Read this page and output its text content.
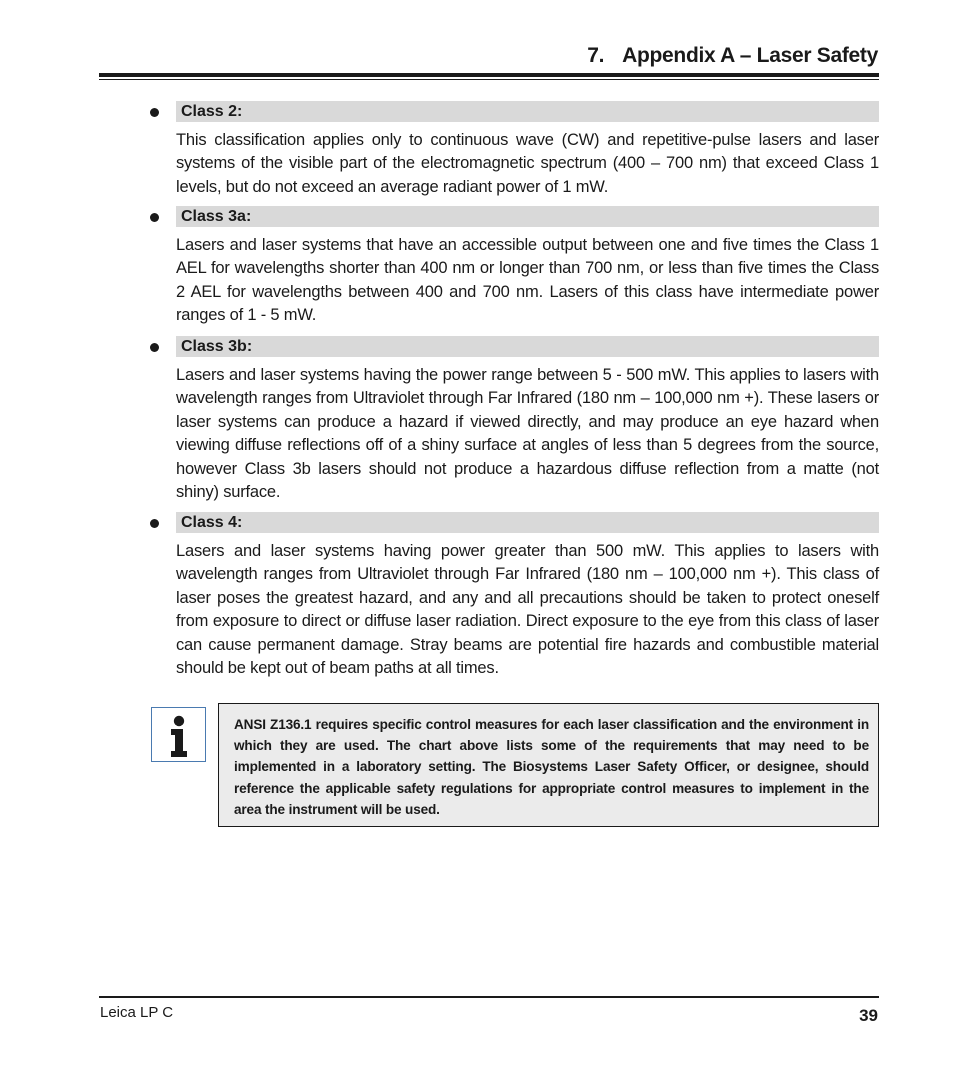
7. Appendix A – Laser Safety
Class 2:
This classification applies only to continuous wave (CW) and repetitive-pulse lasers and laser systems of the visible part of the electromagnetic spectrum (400 – 700 nm) that exceed Class 1 levels, but do not exceed an average radiant power of 1 mW.
Class 3a:
Lasers and laser systems that have an accessible output between one and five times the Class 1 AEL for wavelengths shorter than 400 nm or longer than 700 nm, or less than five times the Class 2 AEL for wavelengths between 400 and 700 nm. Lasers of this class have intermediate power ranges of 1 - 5 mW.
Class 3b:
Lasers and laser systems having the power range between 5 - 500 mW. This applies to lasers with wavelength ranges from Ultraviolet through Far Infrared (180 nm – 100,000 nm +). These lasers or laser systems can produce a hazard if viewed directly, and may produce an eye hazard when viewing diffuse reflections off of a shiny surface at angles of less than 5 degrees from the source, however Class 3b lasers should not produce a hazardous diffuse reflection from a matte (not shiny) surface.
Class 4:
Lasers and laser systems having power greater than 500 mW. This applies to lasers with wavelength ranges from Ultraviolet through Far Infrared (180 nm – 100,000 nm +). This class of laser poses the greatest hazard, and any and all precautions should be taken to protect oneself from exposure to direct or diffuse laser radiation. Direct exposure to the eye from this class of laser can cause permanent damage. Stray beams are potential fire hazards and combustible material should be kept out of beam paths at all times.
ANSI Z136.1 requires specific control measures for each laser classification and the environment in which they are used. The chart above lists some of the requirements that may need to be implemented in a laboratory setting. The Biosystems Laser Safety Officer, or designee, should reference the applicable safety regulations for appropriate control measures to implement in the area the instrument will be used.
Leica LP C	39
